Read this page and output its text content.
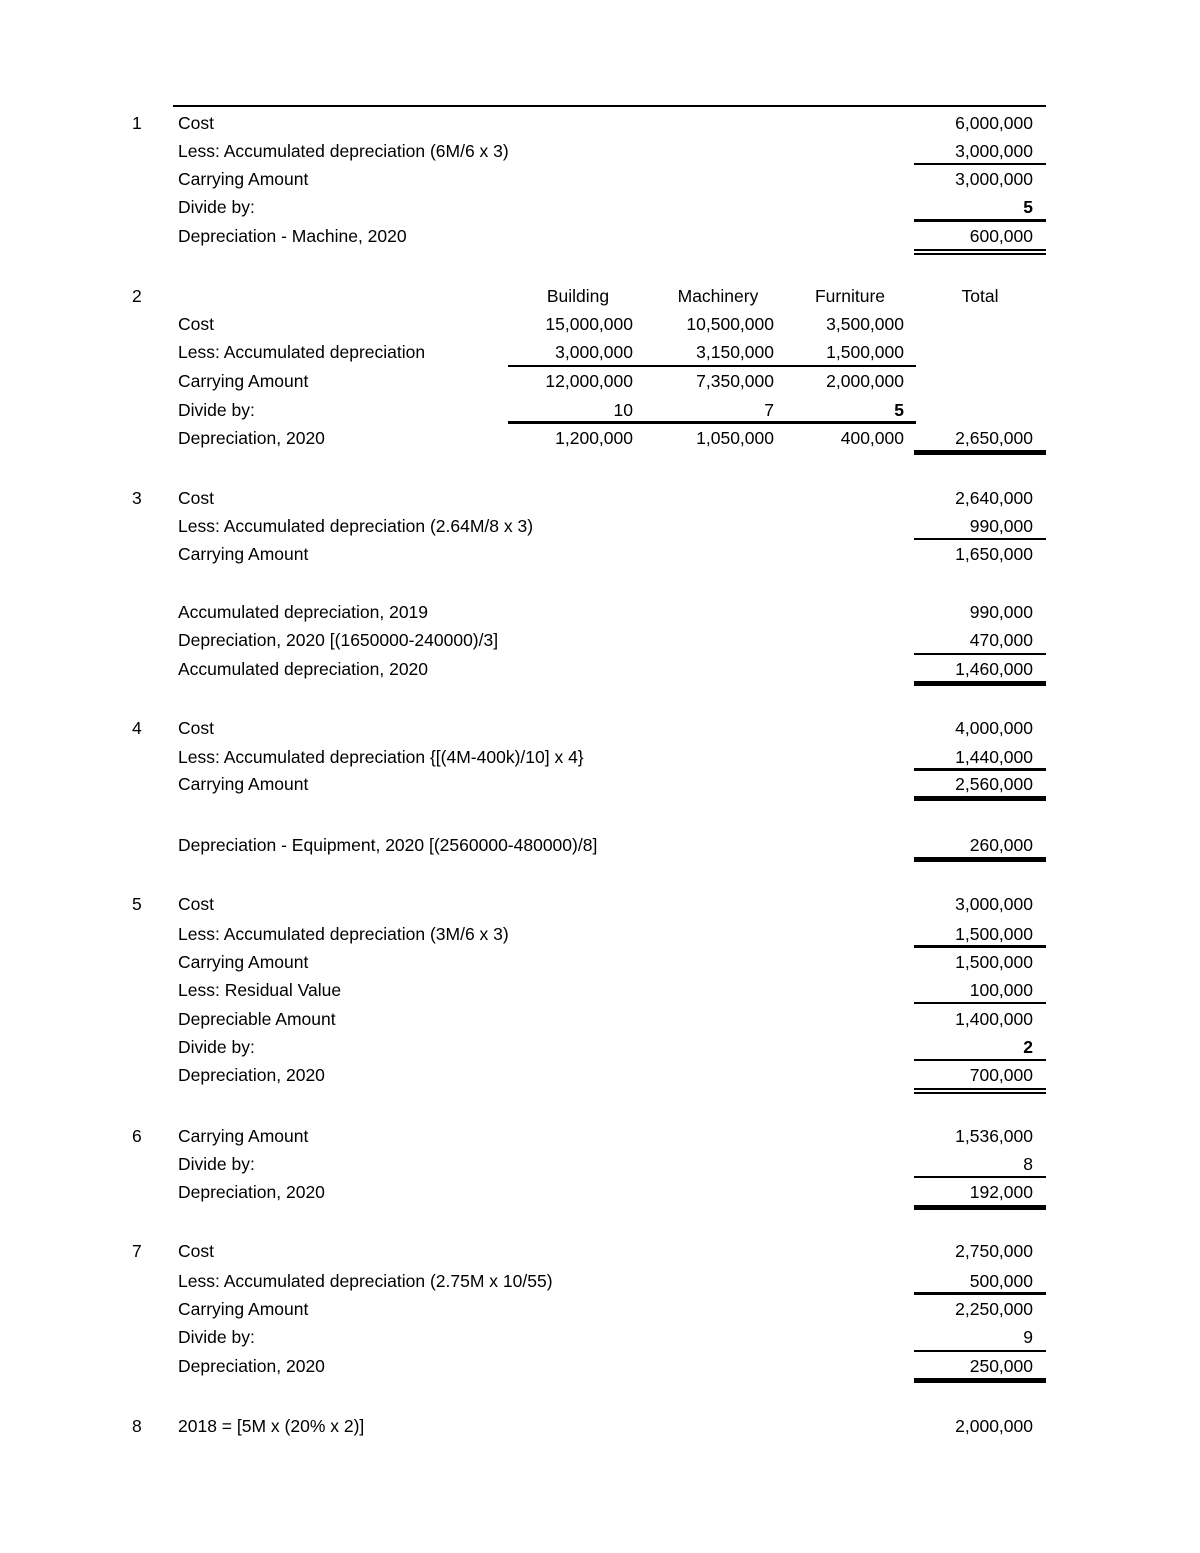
1 Cost	6,000,000
Less: Accumulated depreciation (6M/6 x 3)	3,000,000
Carrying Amount	3,000,000
Divide by:	5
Depreciation - Machine, 2020	600,000
2	Building	Machinery	Furniture	Total
Cost	15,000,000	10,500,000	3,500,000
Less: Accumulated depreciation	3,000,000	3,150,000	1,500,000
Carrying Amount	12,000,000	7,350,000	2,000,000
Divide by:	10	7	5
Depreciation, 2020	1,200,000	1,050,000	400,000	2,650,000
3 Cost	2,640,000
Less: Accumulated depreciation (2.64M/8 x 3)	990,000
Carrying Amount	1,650,000
Accumulated depreciation, 2019	990,000
Depreciation, 2020 [(1650000-240000)/3]	470,000
Accumulated depreciation, 2020	1,460,000
4 Cost	4,000,000
Less: Accumulated depreciation {[(4M-400k)/10] x 4}	1,440,000
Carrying Amount	2,560,000
Depreciation - Equipment, 2020 [(2560000-480000)/8]	260,000
5 Cost	3,000,000
Less: Accumulated depreciation (3M/6 x 3)	1,500,000
Carrying Amount	1,500,000
Less: Residual Value	100,000
Depreciable Amount	1,400,000
Divide by:	2
Depreciation, 2020	700,000
6 Carrying Amount	1,536,000
Divide by:	8
Depreciation, 2020	192,000
7 Cost	2,750,000
Less: Accumulated depreciation (2.75M x 10/55)	500,000
Carrying Amount	2,250,000
Divide by:	9
Depreciation, 2020	250,000
8 2018 = [5M x (20% x 2)]	2,000,000
